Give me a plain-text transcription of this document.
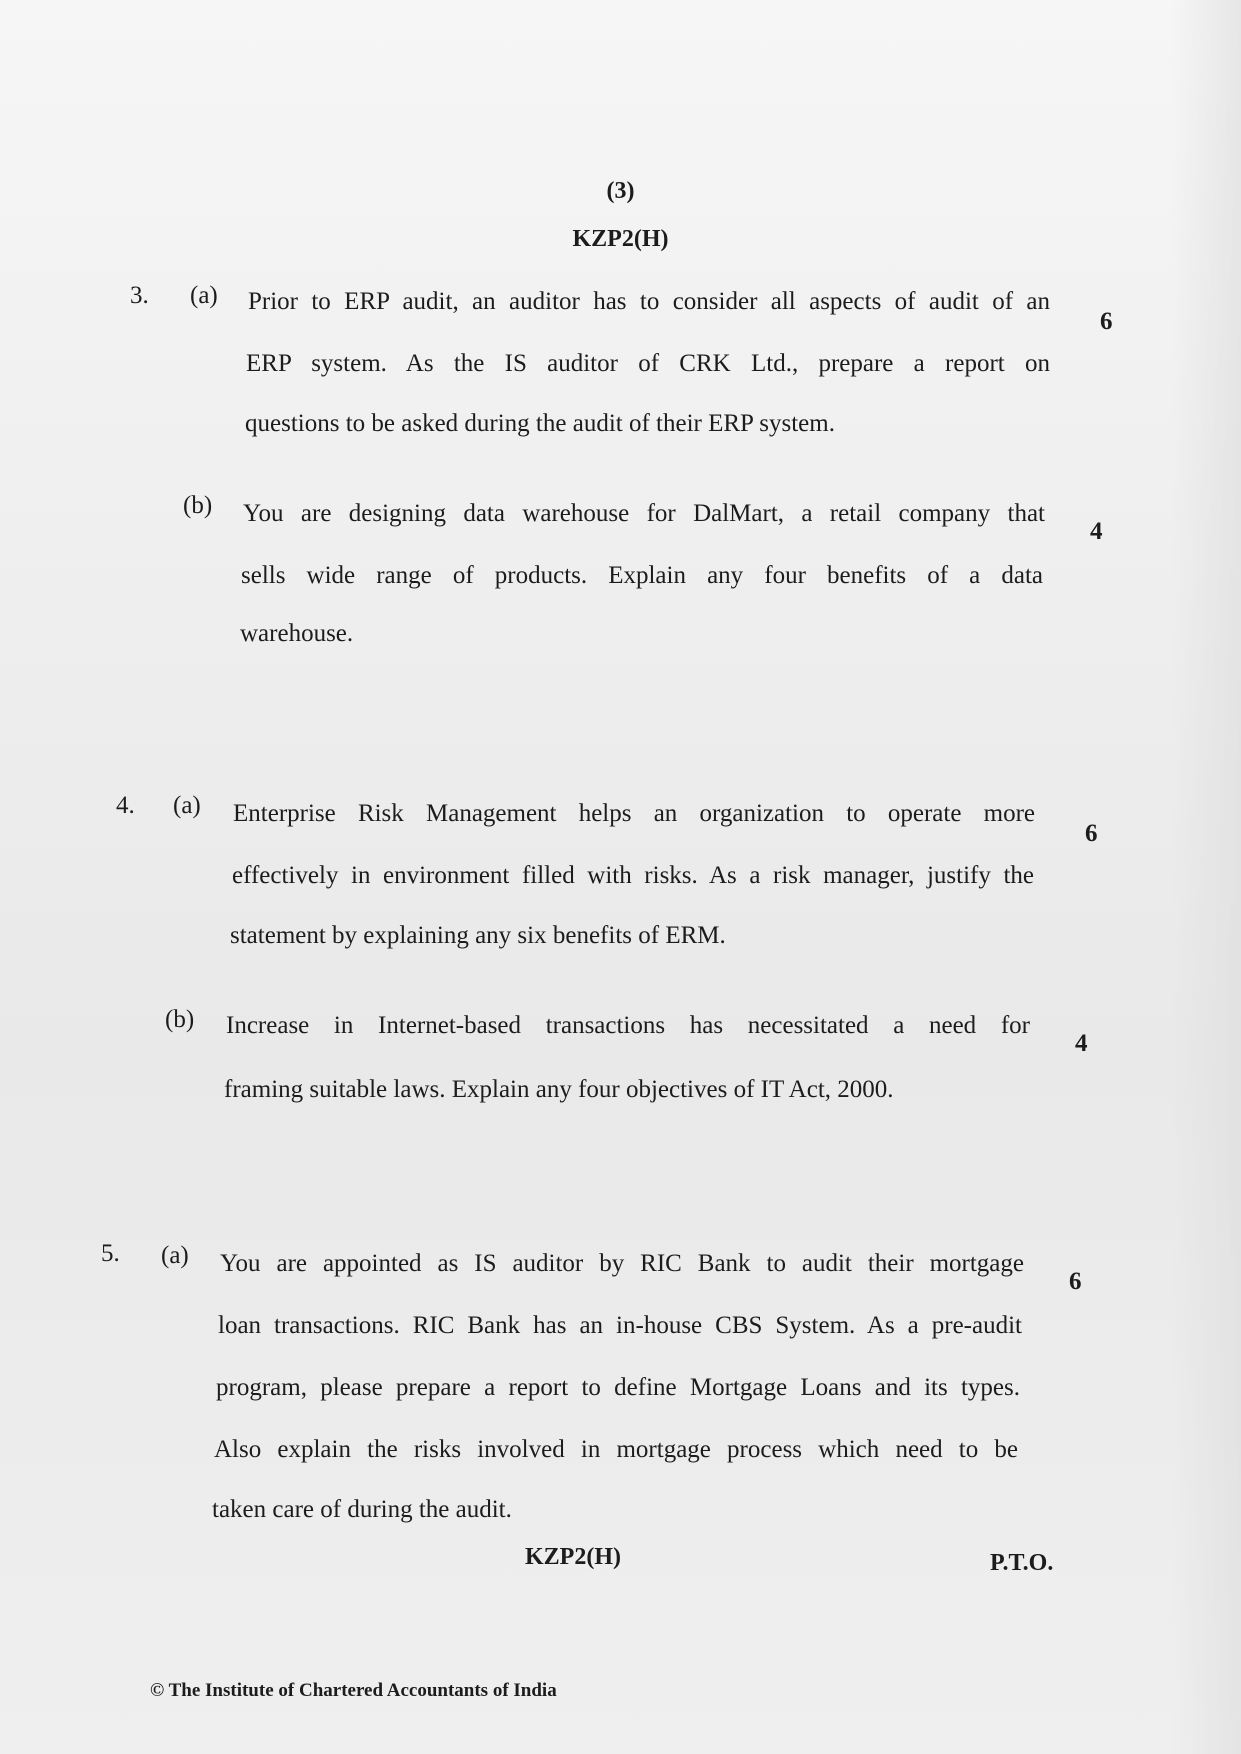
(3)
KZP2(H)
3. (a)
6
Prior to ERP audit, an auditor has to consider all aspects of audit of an
ERP system. As the IS auditor of CRK Ltd., prepare a report on
questions to be asked during the audit of their ERP system.
(b)
4
You are designing data warehouse for DalMart, a retail company that
sells wide range of products. Explain any four benefits of a data
warehouse.
4. (a)
6
Enterprise Risk Management helps an organization to operate more
effectively in environment filled with risks. As a risk manager, justify the
statement by explaining any six benefits of ERM.
(b)
4
Increase in Internet-based transactions has necessitated a need for
framing suitable laws. Explain any four objectives of IT Act, 2000.
5. (a)
6
You are appointed as IS auditor by RIC Bank to audit their mortgage
loan transactions. RIC Bank has an in-house CBS System. As a pre-audit
program, please prepare a report to define Mortgage Loans and its types.
Also explain the risks involved in mortgage process which need to be
taken care of during the audit.
KZP2(H)	P.T.O.
© The Institute of Chartered Accountants of India
